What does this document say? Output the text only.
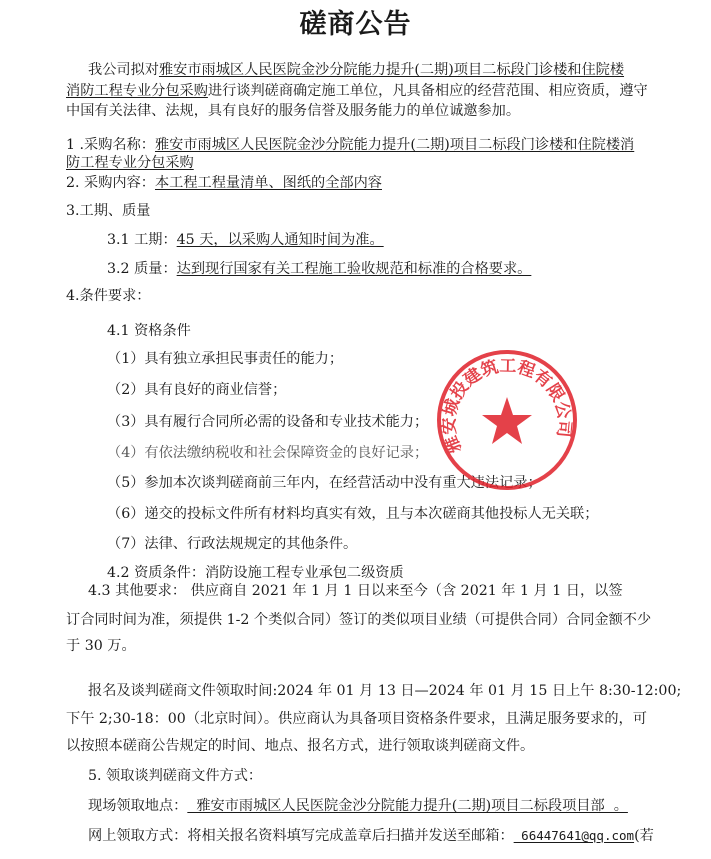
磋商公告
我公司拟对雅安市雨城区人民医院金沙分院能力提升(二期)项目二标段门诊楼和住院楼
消防工程专业分包采购进行谈判磋商确定施工单位，凡具备相应的经营范围、相应资质，遵守
中国有关法律、法规，具有良好的服务信誉及服务能力的单位诚邀参加。
1 .采购名称：雅安市雨城区人民医院金沙分院能力提升(二期)项目二标段门诊楼和住院楼消
防工程专业分包采购
2. 采购内容：本工程工程量清单、图纸的全部内容
3.工期、质量
3.1 工期：45 天，以采购人通知时间为准。
3.2 质量：达到现行国家有关工程施工验收规范和标准的合格要求。
4.条件要求：
4.1 资格条件
（1）具有独立承担民事责任的能力；
（2）具有良好的商业信誉；
（3）具有履行合同所必需的设备和专业技术能力；
（4）有依法缴纳税收和社会保障资金的良好记录；
（5）参加本次谈判磋商前三年内，在经营活动中没有重大违法记录；
（6）递交的投标文件所有材料均真实有效，且与本次磋商其他投标人无关联；
（7）法律、行政法规规定的其他条件。
4.2 资质条件：消防设施工程专业承包二级资质
4.3 其他要求： 供应商自 2021 年 1 月 1 日以来至今（含 2021 年 1 月 1 日，以签
订合同时间为准，须提供 1-2 个类似合同）签订的类似项目业绩（可提供合同）合同金额不少
于 30 万。
报名及谈判磋商文件领取时间:2024 年 01 月 13 日—2024 年 01 月 15 日上午 8:30-12:00;
下午 2;30-18：00（北京时间）。供应商认为具备项目资格条件要求，且满足服务要求的，可
以按照本磋商公告规定的时间、地点、报名方式，进行领取谈判磋商文件。
5. 领取谈判磋商文件方式：
现场领取地点：  雅安市雨城区人民医院金沙分院能力提升(二期)项目二标段项目部  。
网上领取方式：将相关报名资料填写完成盖章后扫描并发送至邮箱： 66447641@qq.com(若
雅安城投建筑工程有限公司
